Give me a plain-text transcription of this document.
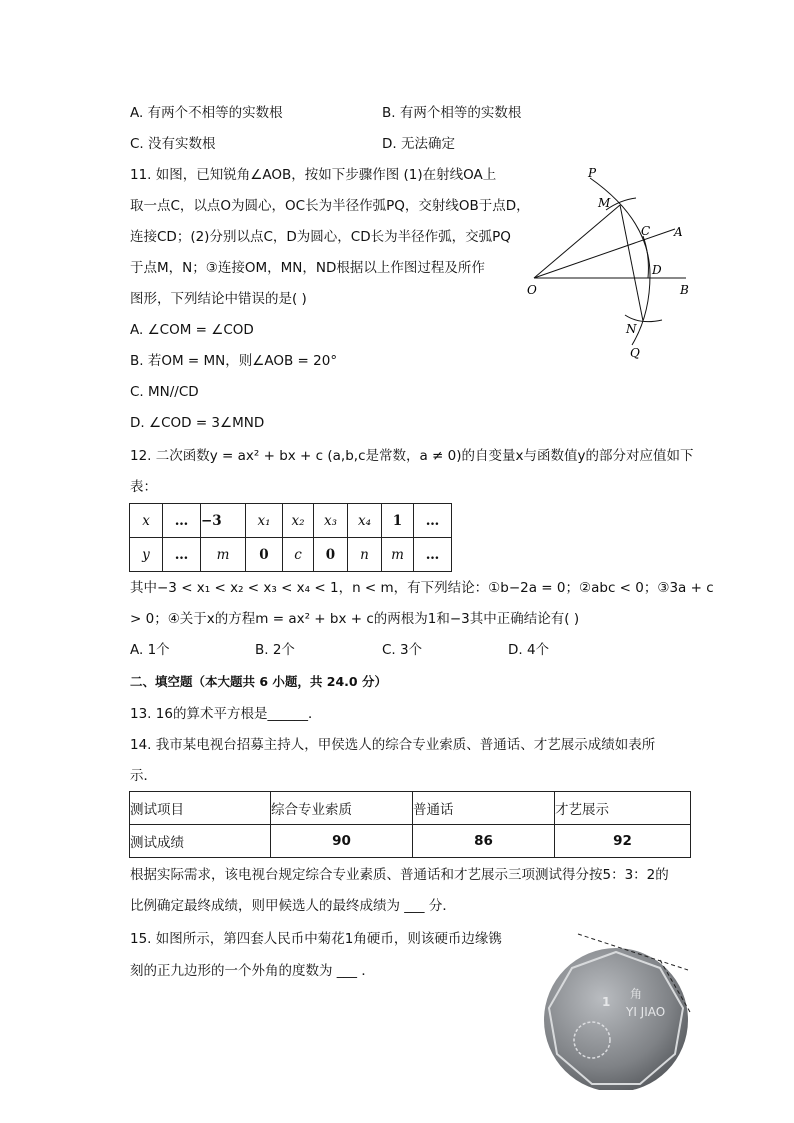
A. 有两个不相等的实数根	B. 有两个相等的实数根
C. 没有实数根	D. 无法确定
11. 如图，已知锐角∠AOB，按如下步骤作图 (1)在射线OA上
取一点C，以点O为圆心，OC长为半径作弧PQ，交射线OB于点D，
连接CD；(2)分别以点C，D为圆心，CD长为半径作弧，交弧PQ
于点M，N；③连接OM，MN，ND根据以上作图过程及所作
图形，下列结论中错误的是( )
A. ∠COM = ∠COD
B. 若OM = MN，则∠AOB = 20°
C. MN//CD
D. ∠COD = 3∠MND
P
M
C A
D
O	B
N
Q
12. 二次函数y = ax² + bx + c (a,b,c是常数，a ≠ 0)的自变量x与函数值y的部分对应值如下
表：
x	…	−3	x₁	x₂	x₃	x₄	1	…
y	…	m	0	c	0	n	m	…
其中−3 < x₁ < x₂ < x₃ < x₄ < 1，n < m，有下列结论：①b−2a = 0；②abc < 0；③3a + c
> 0；④关于x的方程m = ax² + bx + c的两根为1和−3其中正确结论有( )
A. 1个	B. 2个	C. 3个	D. 4个
二、填空题（本大题共 6 小题，共 24.0 分）
13. 16的算术平方根是______．
14. 我市某电视台招募主持人，甲侯选人的综合专业索质、普通话、才艺展示成绩如表所
示．
测试项目	综合专业索质	普通话	才艺展示
测试成绩	90	86	92
根据实际需求，该电视台规定综合专业素质、普通话和才艺展示三项测试得分按5：3：2的
比例确定最终成绩，则甲候选人的最终成绩为 ___ 分．
15. 如图所示，第四套人民币中菊花1角硬币，则该硬币边缘镌
刻的正九边形的一个外角的度数为 ___ ．
1
角
YI JIAO
